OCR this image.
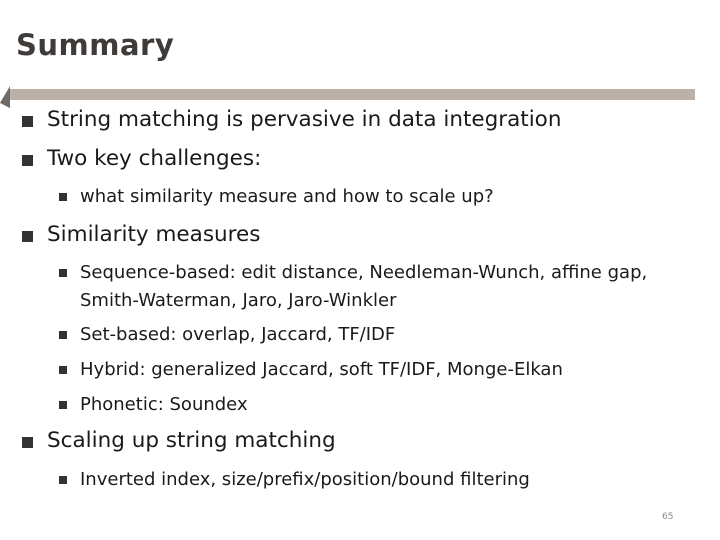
Summary
String matching is pervasive in data integration
Two key challenges:
what similarity measure and how to scale up?
Similarity measures
Sequence-based: edit distance, Needleman-Wunch, affine gap,
Smith-Waterman, Jaro, Jaro-Winkler
Set-based: overlap, Jaccard, TF/IDF
Hybrid: generalized Jaccard, soft TF/IDF, Monge-Elkan
Phonetic: Soundex
Scaling up string matching
Inverted index, size/prefix/position/bound filtering
65
